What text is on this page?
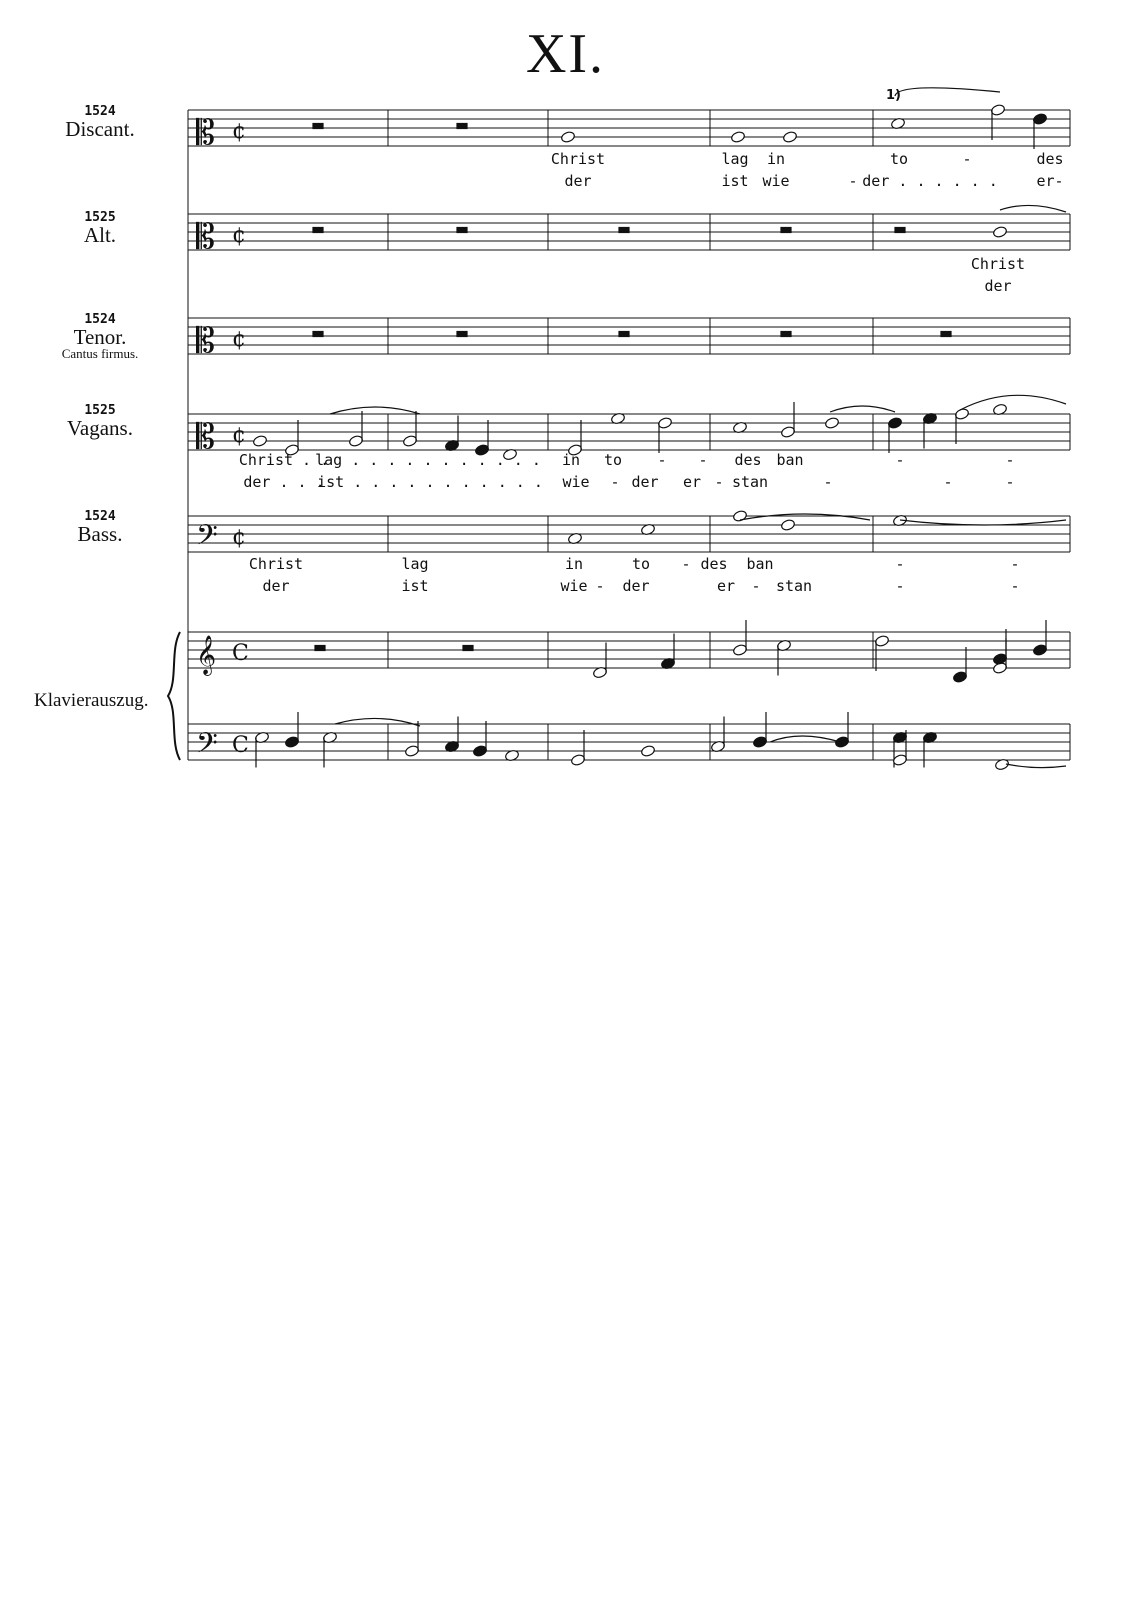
XI.
1524
Discant.
1525
Alt.
1524
Tenor.
Cantus firmus.
1525
Vagans.
1524
Bass.
Klavierauszug.
1)
¢
𝄡
¢
𝄡
¢
𝄡
¢
𝄡
¢
𝄢
C
𝄞
C
𝄢
Christ	lag in	to	-	des
der	ist wie	- der . . . . . .	er-
Christ
der
Christ . .
lag . . . . . . . . . . . in to - - des ban	-	-
der . . .
ist . . . . . . . . . . . wie - der er - stan	-	-	-
Christ	lag	in	to - des ban	-	-
der	ist	wie - der	er - stan	-	-
